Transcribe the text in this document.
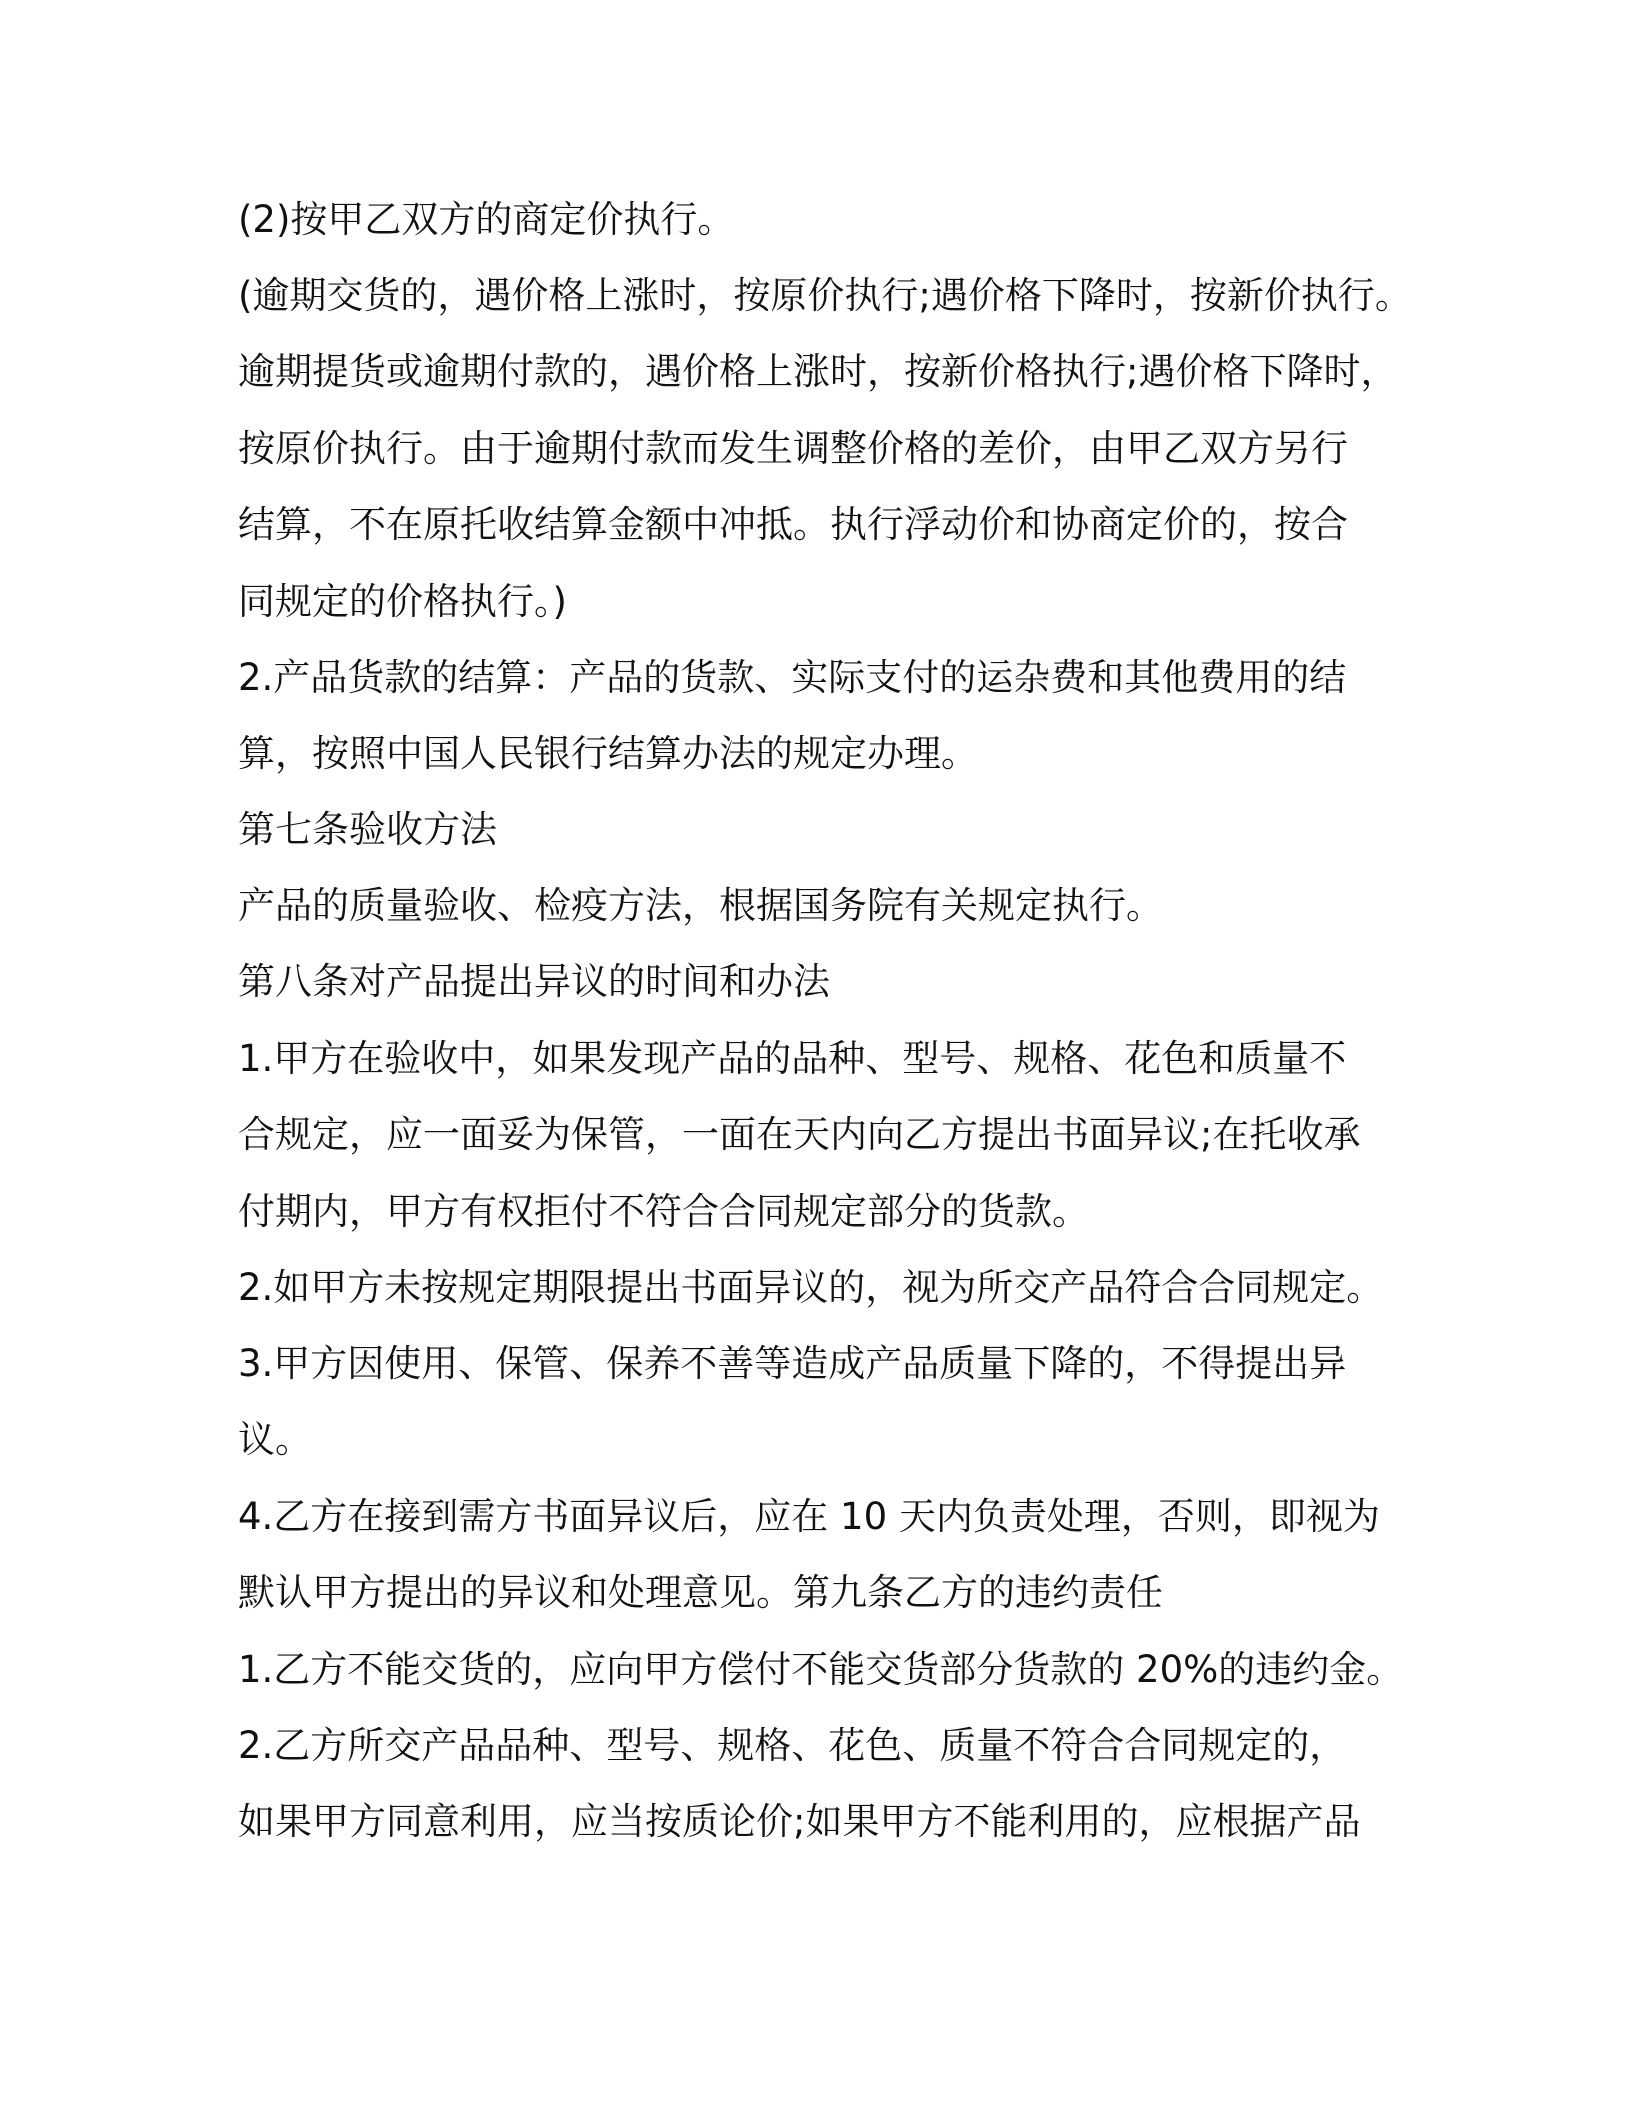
(2)按甲乙双方的商定价执行。

(逾期交货的，遇价格上涨时，按原价执行;遇价格下降时，按新价执行。

逾期提货或逾期付款的，遇价格上涨时，按新价格执行;遇价格下降时，

按原价执行。由于逾期付款而发生调整价格的差价，由甲乙双方另行

结算，不在原托收结算金额中冲抵。执行浮动价和协商定价的，按合

同规定的价格执行。)

2.产品货款的结算：产品的货款、实际支付的运杂费和其他费用的结

算，按照中国人民银行结算办法的规定办理。

第七条验收方法

产品的质量验收、检疫方法，根据国务院有关规定执行。

第八条对产品提出异议的时间和办法

1.甲方在验收中，如果发现产品的品种、型号、规格、花色和质量不

合规定，应一面妥为保管，一面在天内向乙方提出书面异议;在托收承

付期内，甲方有权拒付不符合合同规定部分的货款。

2.如甲方未按规定期限提出书面异议的，视为所交产品符合合同规定。

3.甲方因使用、保管、保养不善等造成产品质量下降的，不得提出异

议。

4.乙方在接到需方书面异议后，应在 10 天内负责处理，否则，即视为

默认甲方提出的异议和处理意见。第九条乙方的违约责任

1.乙方不能交货的，应向甲方偿付不能交货部分货款的 20%的违约金。

2.乙方所交产品品种、型号、规格、花色、质量不符合合同规定的，

如果甲方同意利用，应当按质论价;如果甲方不能利用的，应根据产品
